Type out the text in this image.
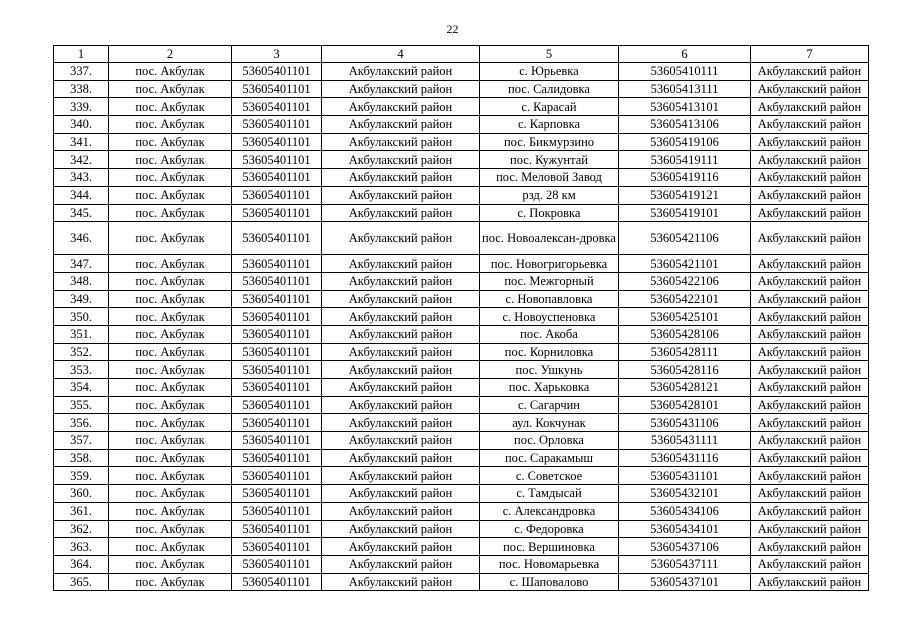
22
1	2	3	4	5	6	7
337.	пос. Акбулак	53605401101	Акбулакский район	с. Юрьевка	53605410111	Акбулакский район
338.	пос. Акбулак	53605401101	Акбулакский район	пос. Салидовка	53605413111	Акбулакский район
339.	пос. Акбулак	53605401101	Акбулакский район	с. Карасай	53605413101	Акбулакский район
340.	пос. Акбулак	53605401101	Акбулакский район	с. Карповка	53605413106	Акбулакский район
341.	пос. Акбулак	53605401101	Акбулакский район	пос. Бикмурзино	53605419106	Акбулакский район
342.	пос. Акбулак	53605401101	Акбулакский район	пос. Кужунтай	53605419111	Акбулакский район
343.	пос. Акбулак	53605401101	Акбулакский район	пос. Меловой Завод	53605419116	Акбулакский район
344.	пос. Акбулак	53605401101	Акбулакский район	рзд. 28 км	53605419121	Акбулакский район
345.	пос. Акбулак	53605401101	Акбулакский район	с. Покровка	53605419101	Акбулакский район
346.	пос. Акбулак	53605401101	Акбулакский район	пос. Новоалексан-дровка	53605421106	Акбулакский район
347.	пос. Акбулак	53605401101	Акбулакский район	пос. Новогригорьевка	53605421101	Акбулакский район
348.	пос. Акбулак	53605401101	Акбулакский район	пос. Межгорный	53605422106	Акбулакский район
349.	пос. Акбулак	53605401101	Акбулакский район	с. Новопавловка	53605422101	Акбулакский район
350.	пос. Акбулак	53605401101	Акбулакский район	с. Новоуспеновка	53605425101	Акбулакский район
351.	пос. Акбулак	53605401101	Акбулакский район	пос. Акоба	53605428106	Акбулакский район
352.	пос. Акбулак	53605401101	Акбулакский район	пос. Корниловка	53605428111	Акбулакский район
353.	пос. Акбулак	53605401101	Акбулакский район	пос. Ушкунь	53605428116	Акбулакский район
354.	пос. Акбулак	53605401101	Акбулакский район	пос. Харьковка	53605428121	Акбулакский район
355.	пос. Акбулак	53605401101	Акбулакский район	с. Сагарчин	53605428101	Акбулакский район
356.	пос. Акбулак	53605401101	Акбулакский район	аул. Кокчунак	53605431106	Акбулакский район
357.	пос. Акбулак	53605401101	Акбулакский район	пос. Орловка	53605431111	Акбулакский район
358.	пос. Акбулак	53605401101	Акбулакский район	пос. Саракамыш	53605431116	Акбулакский район
359.	пос. Акбулак	53605401101	Акбулакский район	с. Советское	53605431101	Акбулакский район
360.	пос. Акбулак	53605401101	Акбулакский район	с. Тамдысай	53605432101	Акбулакский район
361.	пос. Акбулак	53605401101	Акбулакский район	с. Александровка	53605434106	Акбулакский район
362.	пос. Акбулак	53605401101	Акбулакский район	с. Федоровка	53605434101	Акбулакский район
363.	пос. Акбулак	53605401101	Акбулакский район	пос. Вершиновка	53605437106	Акбулакский район
364.	пос. Акбулак	53605401101	Акбулакский район	пос. Новомарьевка	53605437111	Акбулакский район
365.	пос. Акбулак	53605401101	Акбулакский район	с. Шаповалово	53605437101	Акбулакский район
